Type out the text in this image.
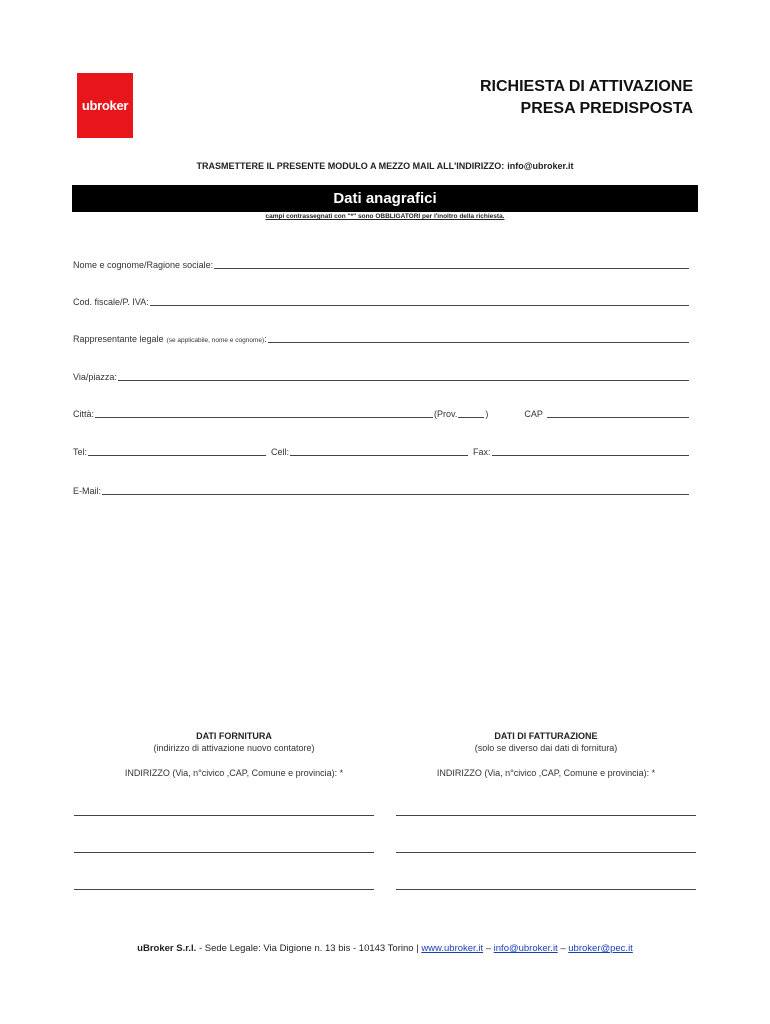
ubroker
RICHIESTA DI ATTIVAZIONE
PRESA PREDISPOSTA
TRASMETTERE IL PRESENTE MODULO A MEZZO MAIL ALL'INDIRIZZO: info@ubroker.it
Dati anagrafici
campi contrassegnati con "*" sono OBBLIGATORI per l'inoltro della richiesta.
Nome e cognome/Ragione sociale:
Cod. fiscale/P. IVA:
Rappresentante legale (se applicabile, nome e cognome) :
Via/piazza:
Città:	(Prov.	)	CAP
Tel:	Cell:	Fax:
E-Mail:
DATI FORNITURA
(indirizzo di attivazione nuovo contatore)
INDIRIZZO (Via, n°civico ,CAP, Comune e provincia): *
DATI DI FATTURAZIONE
(solo se diverso dai dati di fornitura)
INDIRIZZO (Via, n°civico ,CAP, Comune e provincia): *
uBroker S.r.l. - Sede Legale: Via Digione n. 13 bis - 10143 Torino | www.ubroker.it – info@ubroker.it – ubroker@pec.it
